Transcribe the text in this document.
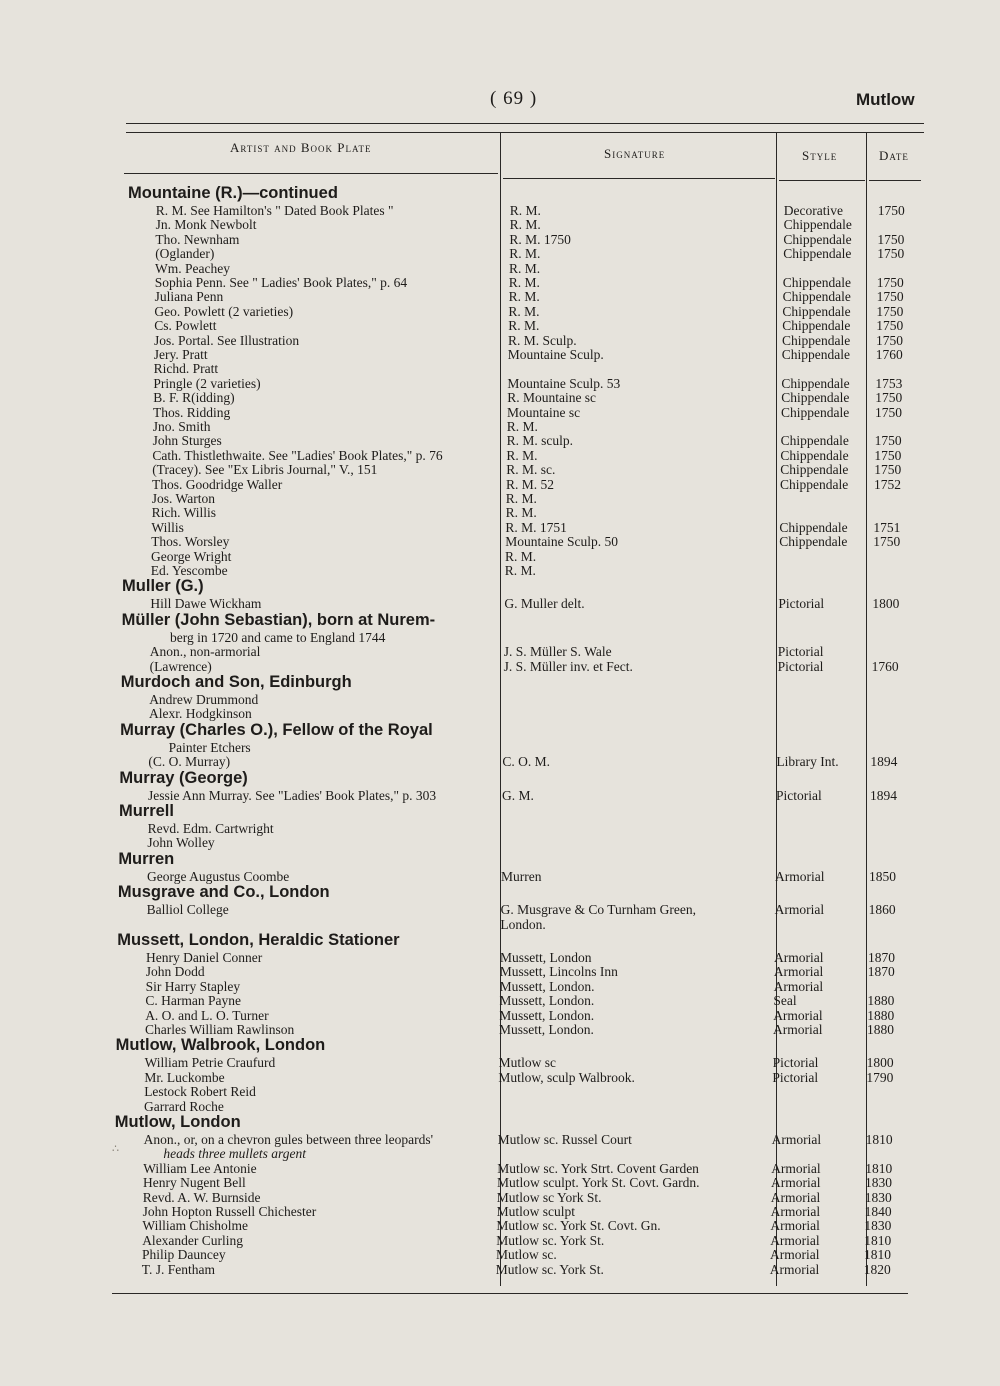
( 69 )	Mutlow
Artist and Book Plate	Signature	Style	Date
Mountaine (R.)—continued
R. M. See Hamilton's " Dated Book Plates "	R. M.	Decorative	1750
Jn. Monk Newbolt	R. M.	Chippendale
Tho. Newnham	R. M. 1750	Chippendale 1750
(Oglander)	R. M.	Chippendale 1750
Wm. Peachey	R. M.
Sophia Penn. See " Ladies' Book Plates," p. 64	R. M.	Chippendale 1750
Juliana Penn	R. M.	Chippendale 1750
Geo. Powlett (2 varieties)	R. M.	Chippendale 1750
Cs. Powlett	R. M.	Chippendale 1750
Jos. Portal. See Illustration	R. M. Sculp.	Chippendale 1750
Jery. Pratt	Mountaine Sculp.	Chippendale 1760
Richd. Pratt
Pringle (2 varieties)	Mountaine Sculp. 53	Chippendale 1753
B. F. R(idding)	R. Mountaine sc	Chippendale 1750
Thos. Ridding	Mountaine sc	Chippendale 1750
Jno. Smith	R. M.
John Sturges	R. M. sculp.	Chippendale 1750
Cath. Thistlethwaite. See "Ladies' Book Plates," p. 76	R. M.	Chippendale 1750
(Tracey). See "Ex Libris Journal," V., 151	R. M. sc.	Chippendale 1750
Thos. Goodridge Waller	R. M. 52	Chippendale 1752
Jos. Warton	R. M.
Rich. Willis	R. M.
Willis	R. M. 1751	Chippendale 1751
Thos. Worsley	Mountaine Sculp. 50	Chippendale 1750
George Wright	R. M.
Ed. Yescombe	R. M.
Muller (G.)
Hill Dawe Wickham	G. Muller delt.	Pictorial	1800
Müller (John Sebastian), born at Nurem-
berg in 1720 and came to England 1744
Anon., non-armorial	J. S. Müller S. Wale	Pictorial
(Lawrence)	J. S. Müller inv. et Fect.	Pictorial	1760
Murdoch and Son, Edinburgh
Andrew Drummond
Alexr. Hodgkinson
Murray (Charles O.), Fellow of the Royal
Painter Etchers
(C. O. Murray)	C. O. M.	Library Int. 1894
Murray (George)
Jessie Ann Murray. See "Ladies' Book Plates," p. 303	G. M.	Pictorial	1894
Murrell
Revd. Edm. Cartwright
John Wolley
Murren
George Augustus Coombe	Murren	Armorial	1850
Musgrave and Co., London
Balliol College	G. Musgrave & Co Turnham Green,	Armorial	1860
London.
Mussett, London, Heraldic Stationer
Henry Daniel Conner	Mussett, London	Armorial	1870
John Dodd	Mussett, Lincolns Inn	Armorial	1870
Sir Harry Stapley	Mussett, London.	Armorial
C. Harman Payne	Mussett, London.	Seal	1880
A. O. and L. O. Turner	Mussett, London.	Armorial	1880
Charles William Rawlinson	Mussett, London.	Armorial	1880
Mutlow, Walbrook, London
William Petrie Craufurd	Mutlow sc	Pictorial	1800
Mr. Luckombe	Mutlow, sculp Walbrook.	Pictorial	1790
Lestock Robert Reid
Garrard Roche
Mutlow, London
Anon., or, on a chevron gules between three leopards'	Mutlow sc. Russel Court	Armorial	1810
heads three mullets argent
William Lee Antonie	Mutlow sc. York Strt. Covent Garden	Armorial	1810
Henry Nugent Bell	Mutlow sculpt. York St. Covt. Gardn.	Armorial	1830
Revd. A. W. Burnside	Mutlow sc York St.	Armorial	1830
John Hopton Russell Chichester	Mutlow sculpt	Armorial	1840
William Chisholme	Mutlow sc. York St. Covt. Gn.	Armorial	1830
Alexander Curling	Mutlow sc. York St.	Armorial	1810
Philip Dauncey	Mutlow sc.	Armorial	1810
T. J. Fentham	Mutlow sc. York St.	Armorial	1820
∴
